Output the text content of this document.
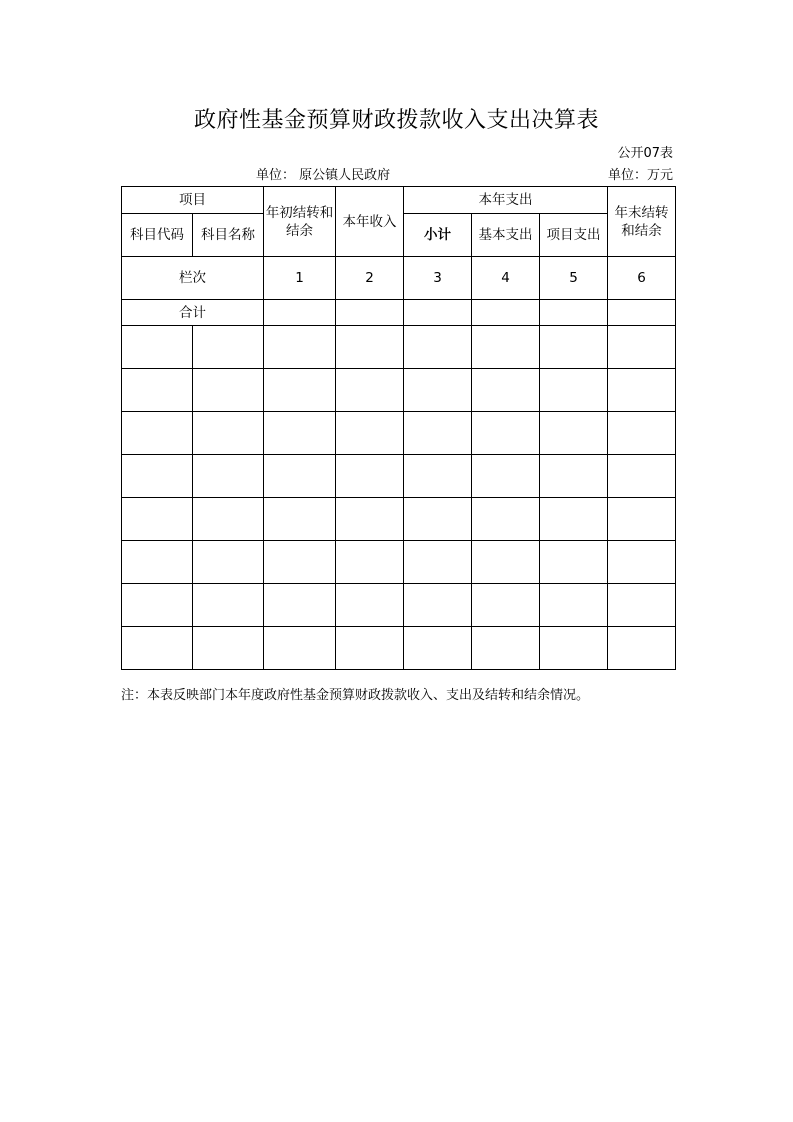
政府性基金预算财政拨款收入支出决算表
公开07表
单位： 原公镇人民政府	单位：万元
项目		年初结转和结余	本年收入	本年支出			年末结转和结余
科目代码	科目名称			小计	基本支出	项目支出	
栏次		1	2	3	4	5	6
合计							

注：本表反映部门本年度政府性基金预算财政拨款收入、支出及结转和结余情况。
